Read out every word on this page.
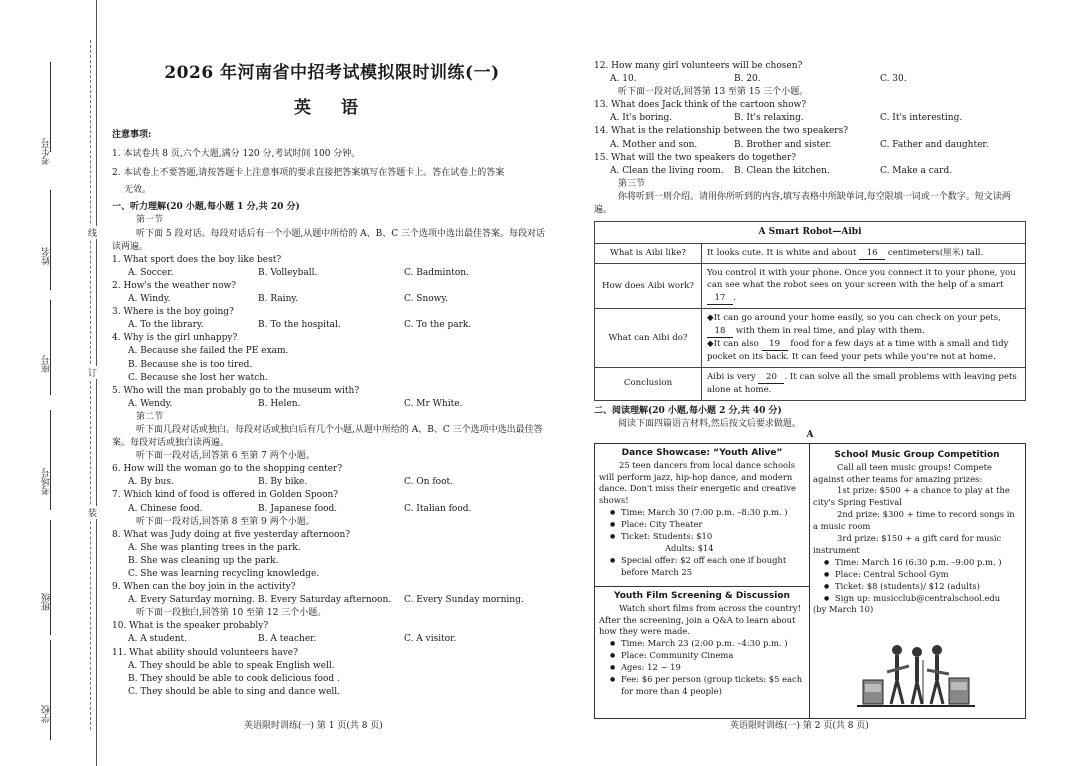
考生号
姓名
座号
考场号
班级
学校
线
订
装
2026 年河南省中招考试模拟限时训练(一)
英 语
注意事项:
1. 本试卷共 8 页,六个大题,满分 120 分,考试时间 100 分钟。
2. 本试卷上不要答题,请按答题卡上注意事项的要求直接把答案填写在答题卡上。答在试卷上的答案
无效。
一、听力理解(20 小题,每小题 1 分,共 20 分)
第一节
听下面 5 段对话。每段对话后有一个小题,从题中所给的 A、B、C 三个选项中选出最佳答案。每段对话读两遍。
1. What sport does the boy like best?
A. Soccer.	B. Volleyball.	C. Badminton.
2. How's the weather now?
A. Windy.	B. Rainy.	C. Snowy.
3. Where is the boy going?
A. To the library.	B. To the hospital.	C. To the park.
4. Why is the girl unhappy?
A. Because she failed the PE exam.
B. Because she is too tired.
C. Because she lost her watch.
5. Who will the man probably go to the museum with?
A. Wendy.	B. Helen.	C. Mr White.
第二节
听下面几段对话或独白。每段对话或独白后有几个小题,从题中所给的 A、B、C 三个选项中选出最佳答案。每段对话或独白读两遍。
听下面一段对话,回答第 6 至第 7 两个小题。
6. How will the woman go to the shopping center?
A. By bus.	B. By bike.	C. On foot.
7. Which kind of food is offered in Golden Spoon?
A. Chinese food.	B. Japanese food.	C. Italian food.
听下面一段对话,回答第 8 至第 9 两个小题。
8. What was Judy doing at five yesterday afternoon?
A. She was planting trees in the park.
B. She was cleaning up the park.
C. She was learning recycling knowledge.
9. When can the boy join in the activity?
A. Every Saturday morning. B. Every Saturday afternoon.	C. Every Sunday morning.
听下面一段独白,回答第 10 至第 12 三个小题。
10. What is the speaker probably?
A. A student.	B. A teacher.	C. A visitor.
11. What ability should volunteers have?
A. They should be able to speak English well.
B. They should be able to cook delicious food .
C. They should be able to sing and dance well.
英语限时训练(一) 第 1 页(共 8 页)
12. How many girl volunteers will be chosen?
A. 10.	B. 20.	C. 30.
听下面一段对话,回答第 13 至第 15 三个小题。
13. What does Jack think of the cartoon show?
A. It's boring.	B. It's relaxing.	C. It's interesting.
14. What is the relationship between the two speakers?
A. Mother and son.	B. Brother and sister.	C. Father and daughter.
15. What will the two speakers do together?
A. Clean the living room.	B. Clean the kitchen.	C. Make a card.
第三节
你将听到一则介绍。请用你所听到的内容,填写表格中所缺单词,每空限填一词或一个数字。短文读两遍。
A Smart Robot—Aibi	
What is Aibi like?	It looks cute. It is white and about 16 centimeters(厘米) tall.
How does Aibi work?	You control it with your phone. Once you connect it to your phone, you can see what the robot sees on your screen with the help of a smart 17 .
What can Aibi do?	◆It can go around your home easily, so you can check on your pets, 18 with them in real time, and play with them.
◆It can also 19 food for a few days at a time with a small and tidy pocket on its back. It can feed your pets while you're not at home.
Conclusion	Aibi is very 20 . It can solve all the small problems with leaving pets alone at home.
二、阅读理解(20 小题,每小题 2 分,共 40 分)
阅读下面四篇语言材料,然后按文后要求做题。
A
Dance Showcase: “Youth Alive”

25 teen dancers from local dance schools will perform jazz, hip-hop dance, and modern dance. Don't miss their energetic and creative shows!

● Time: March 30 (7:00 p.m. –8:30 p.m. )

● Place: City Theater

● Ticket: Students: $10

Adults: $14

● Special offer: $2 off each one if bought before March 25

Youth Film Screening & Discussion

Watch short films from across the country! After the screening, join a Q&A to learn about how they were made.

● Time: March 23 (2:00 p.m. –4:30 p.m. )

● Place: Community Cinema

● Ages: 12 ~ 19

● Fee: $6 per person (group tickets: $5 each for more than 4 people)

School Music Group Competition

Call all teen music groups! Compete against other teams for amazing prizes:

1st prize: $500 + a chance to play at the city's Spring Festival

2nd prize: $300 + time to record songs in a music room

3rd prize: $150 + a gift card for music instrument

● Time: March 16 (6:30 p.m. –9:00 p.m. )

● Place: Central School Gym

● Ticket: $8 (students)/ $12 (adults)

● Sign up: musicclub@centralschool.edu

(by March 10)

英语限时训练(一) 第 2 页(共 8 页)
